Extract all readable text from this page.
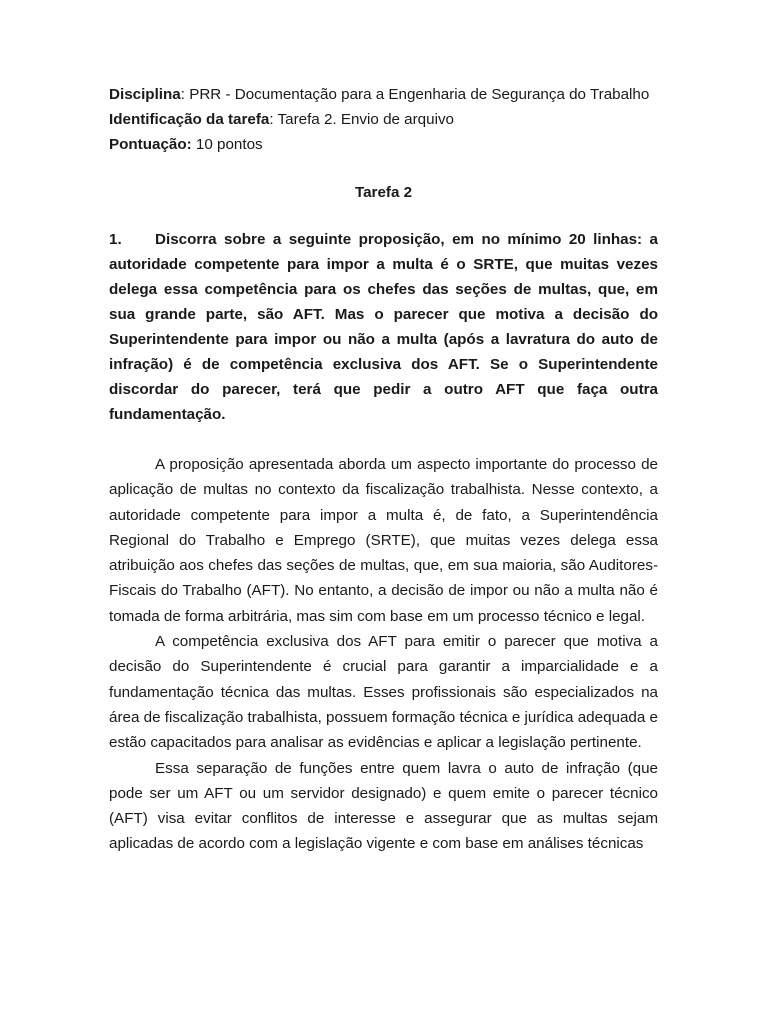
Disciplina: PRR - Documentação para a Engenharia de Segurança do Trabalho

Identificação da tarefa: Tarefa 2. Envio de arquivo

Pontuação: 10 pontos

Tarefa 2

1. Discorra sobre a seguinte proposição, em no mínimo 20 linhas: a autoridade competente para impor a multa é o SRTE, que muitas vezes delega essa competência para os chefes das seções de multas, que, em sua grande parte, são AFT. Mas o parecer que motiva a decisão do Superintendente para impor ou não a multa (após a lavratura do auto de infração) é de competência exclusiva dos AFT. Se o Superintendente discordar do parecer, terá que pedir a outro AFT que faça outra fundamentação.

A proposição apresentada aborda um aspecto importante do processo de aplicação de multas no contexto da fiscalização trabalhista. Nesse contexto, a autoridade competente para impor a multa é, de fato, a Superintendência Regional do Trabalho e Emprego (SRTE), que muitas vezes delega essa atribuição aos chefes das seções de multas, que, em sua maioria, são Auditores-Fiscais do Trabalho (AFT). No entanto, a decisão de impor ou não a multa não é tomada de forma arbitrária, mas sim com base em um processo técnico e legal.

A competência exclusiva dos AFT para emitir o parecer que motiva a decisão do Superintendente é crucial para garantir a imparcialidade e a fundamentação técnica das multas. Esses profissionais são especializados na área de fiscalização trabalhista, possuem formação técnica e jurídica adequada e estão capacitados para analisar as evidências e aplicar a legislação pertinente.

Essa separação de funções entre quem lavra o auto de infração (que pode ser um AFT ou um servidor designado) e quem emite o parecer técnico (AFT) visa evitar conflitos de interesse e assegurar que as multas sejam aplicadas de acordo com a legislação vigente e com base em análises técnicas
